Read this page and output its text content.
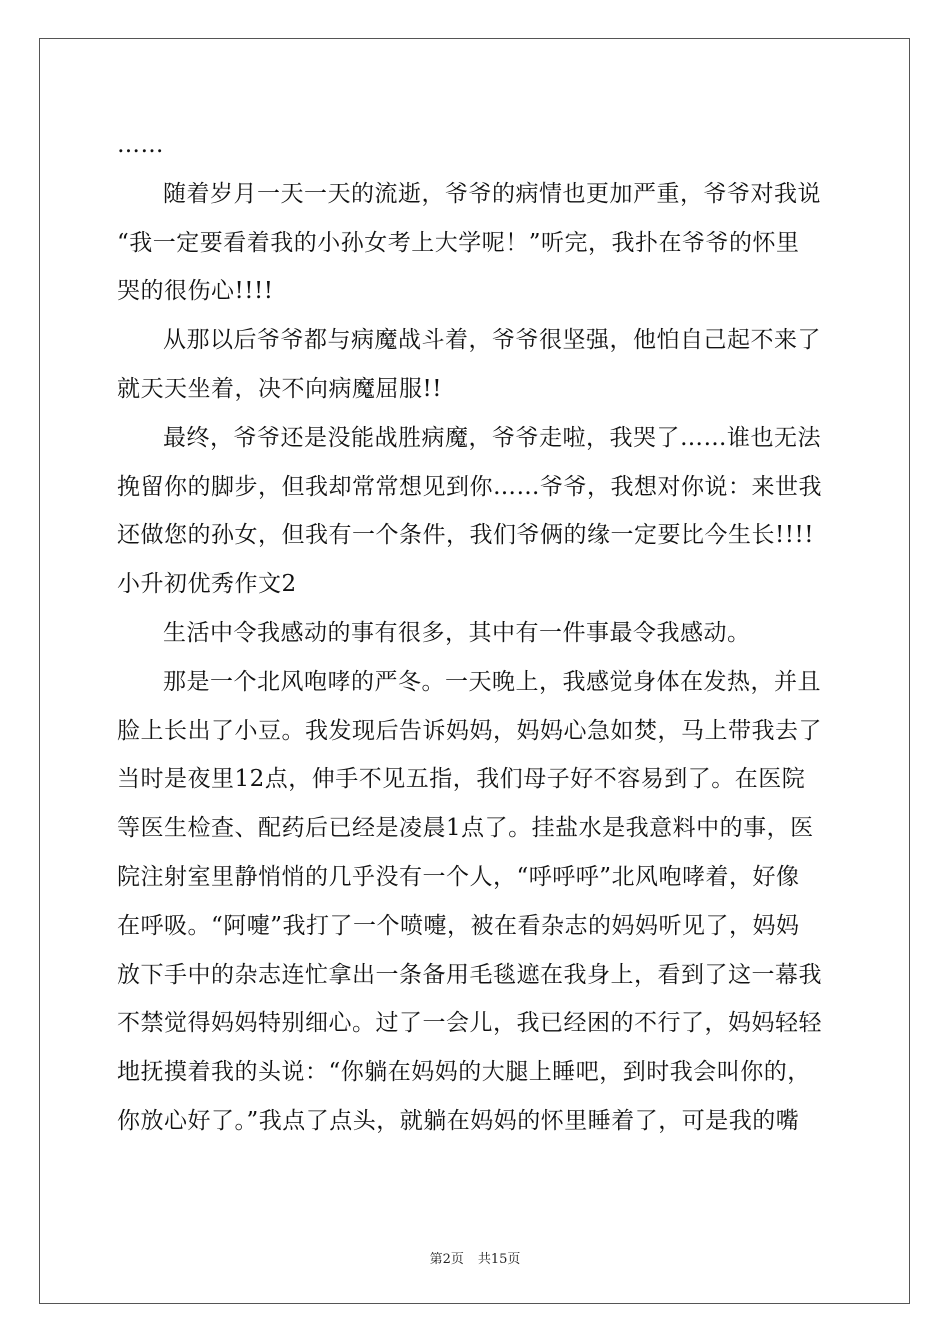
……
随着岁月一天一天的流逝，爷爷的病情也更加严重，爷爷对我说
“我一定要看着我的小孙女考上大学呢！”听完，我扑在爷爷的怀里
哭的很伤心!!!!
从那以后爷爷都与病魔战斗着，爷爷很坚强，他怕自己起不来了
就天天坐着，决不向病魔屈服!!
最终，爷爷还是没能战胜病魔，爷爷走啦，我哭了……谁也无法
挽留你的脚步，但我却常常想见到你……爷爷，我想对你说：来世我
还做您的孙女，但我有一个条件，我们爷俩的缘一定要比今生长!!!!
小升初优秀作文2
生活中令我感动的事有很多，其中有一件事最令我感动。
那是一个北风咆哮的严冬。一天晚上，我感觉身体在发热，并且
脸上长出了小豆。我发现后告诉妈妈，妈妈心急如焚，马上带我去了
当时是夜里12点，伸手不见五指，我们母子好不容易到了。在医院
等医生检查、配药后已经是凌晨1点了。挂盐水是我意料中的事，医
院注射室里静悄悄的几乎没有一个人，“呼呼呼”北风咆哮着，好像
在呼吸。“阿嚏”我打了一个喷嚏，被在看杂志的妈妈听见了，妈妈
放下手中的杂志连忙拿出一条备用毛毯遮在我身上，看到了这一幕我
不禁觉得妈妈特别细心。过了一会儿，我已经困的不行了，妈妈轻轻
地抚摸着我的头说：“你躺在妈妈的大腿上睡吧，到时我会叫你的，
你放心好了。”我点了点头，就躺在妈妈的怀里睡着了，可是我的嘴
第2页 共15页
